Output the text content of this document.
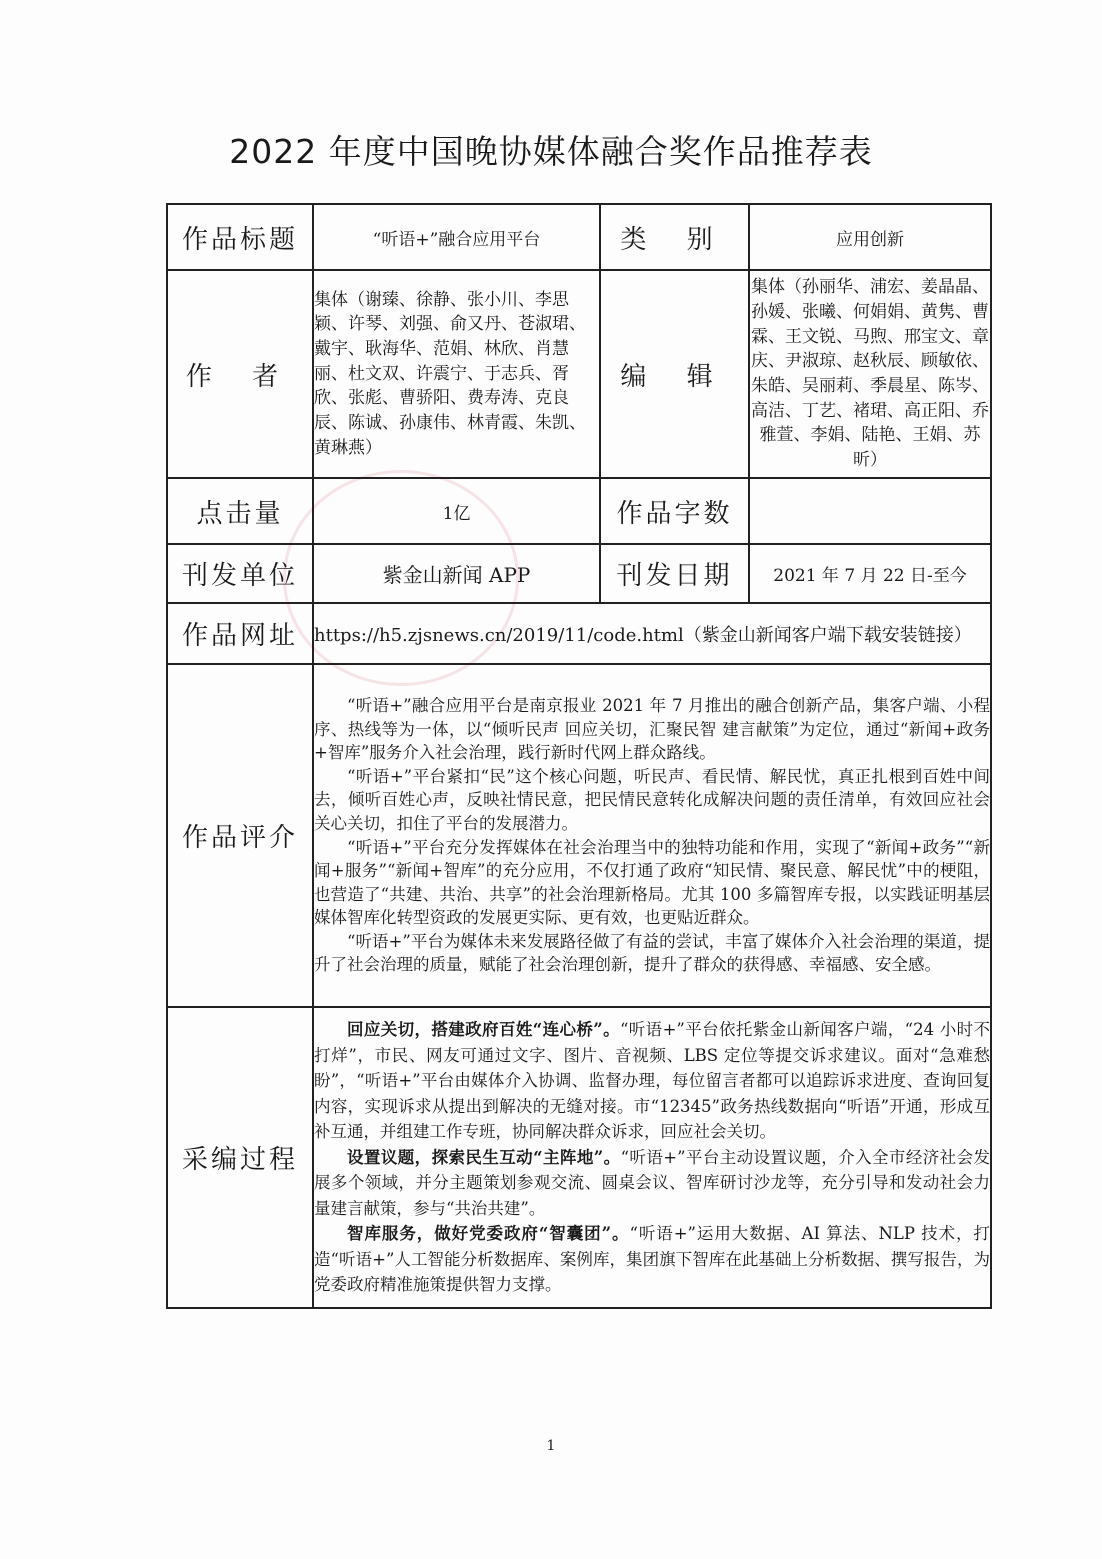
2022 年度中国晚协媒体融合奖作品推荐表
作品标题	“听语+”融合应用平台	类 别	应用创新
作 者	集体（谢臻、徐静、张小川、李思颖、许琴、刘强、俞又丹、苍淑珺、戴宇、耿海华、范娟、林欣、肖慧丽、杜文双、许震宁、于志兵、胥欣、张彪、曹骄阳、费寿涛、克良辰、陈诚、孙康伟、林青霞、朱凯、黄琳燕）	编 辑	集体（孙丽华、浦宏、姜晶晶、孙媛、张曦、何娟娟、黄隽、曹霖、王文锐、马煦、邢宝文、章庆、尹淑琼、赵秋辰、顾敏依、朱皓、吴丽莉、季晨星、陈岑、高洁、丁艺、褚珺、高正阳、乔雅萱、李娟、陆艳、王娟、苏昕）
点击量	1亿	作品字数	
刊发单位	紫金山新闻 APP	刊发日期	2021 年 7 月 22 日-至今
作品网址	https://h5.zjsnews.cn/2019/11/code.html（紫金山新闻客户端下载安装链接）		
作品评介	“听语+”融合应用平台是南京报业 2021 年 7 月推出的融合创新产品，集客户端、小程序、热线等为一体，以“倾听民声 回应关切，汇聚民智 建言献策”为定位，通过“新闻+政务+智库”服务介入社会治理，践行新时代网上群众路线。

“听语+”平台紧扣“民”这个核心问题，听民声、看民情、解民忧，真正扎根到百姓中间去，倾听百姓心声，反映社情民意，把民情民意转化成解决问题的责任清单，有效回应社会关心关切，扣住了平台的发展潜力。

“听语+”平台充分发挥媒体在社会治理当中的独特功能和作用，实现了“新闻+政务”“新闻+服务”“新闻+智库”的充分应用，不仅打通了政府“知民情、聚民意、解民忧”中的梗阻，也营造了“共建、共治、共享”的社会治理新格局。尤其 100 多篇智库专报，以实践证明基层媒体智库化转型资政的发展更实际、更有效，也更贴近群众。

“听语+”平台为媒体未来发展路径做了有益的尝试，丰富了媒体介入社会治理的渠道，提升了社会治理的质量，赋能了社会治理创新，提升了群众的获得感、幸福感、安全感。		

采编过程	回应关切，搭建政府百姓“连心桥”。“听语+”平台依托紫金山新闻客户端，“24 小时不打烊”，市民、网友可通过文字、图片、音视频、LBS 定位等提交诉求建议。面对“急难愁盼”，“听语+”平台由媒体介入协调、监督办理，每位留言者都可以追踪诉求进度、查询回复内容，实现诉求从提出到解决的无缝对接。市“12345”政务热线数据向“听语”开通，形成互补互通，并组建工作专班，协同解决群众诉求，回应社会关切。

设置议题，探索民生互动“主阵地”。“听语+”平台主动设置议题，介入全市经济社会发展多个领域，并分主题策划参观交流、圆桌会议、智库研讨沙龙等，充分引导和发动社会力量建言献策，参与“共治共建”。

智库服务，做好党委政府“智囊团”。“听语+”运用大数据、AI 算法、NLP 技术，打造“听语+”人工智能分析数据库、案例库，集团旗下智库在此基础上分析数据、撰写报告，为党委政府精准施策提供智力支撑。		

1
